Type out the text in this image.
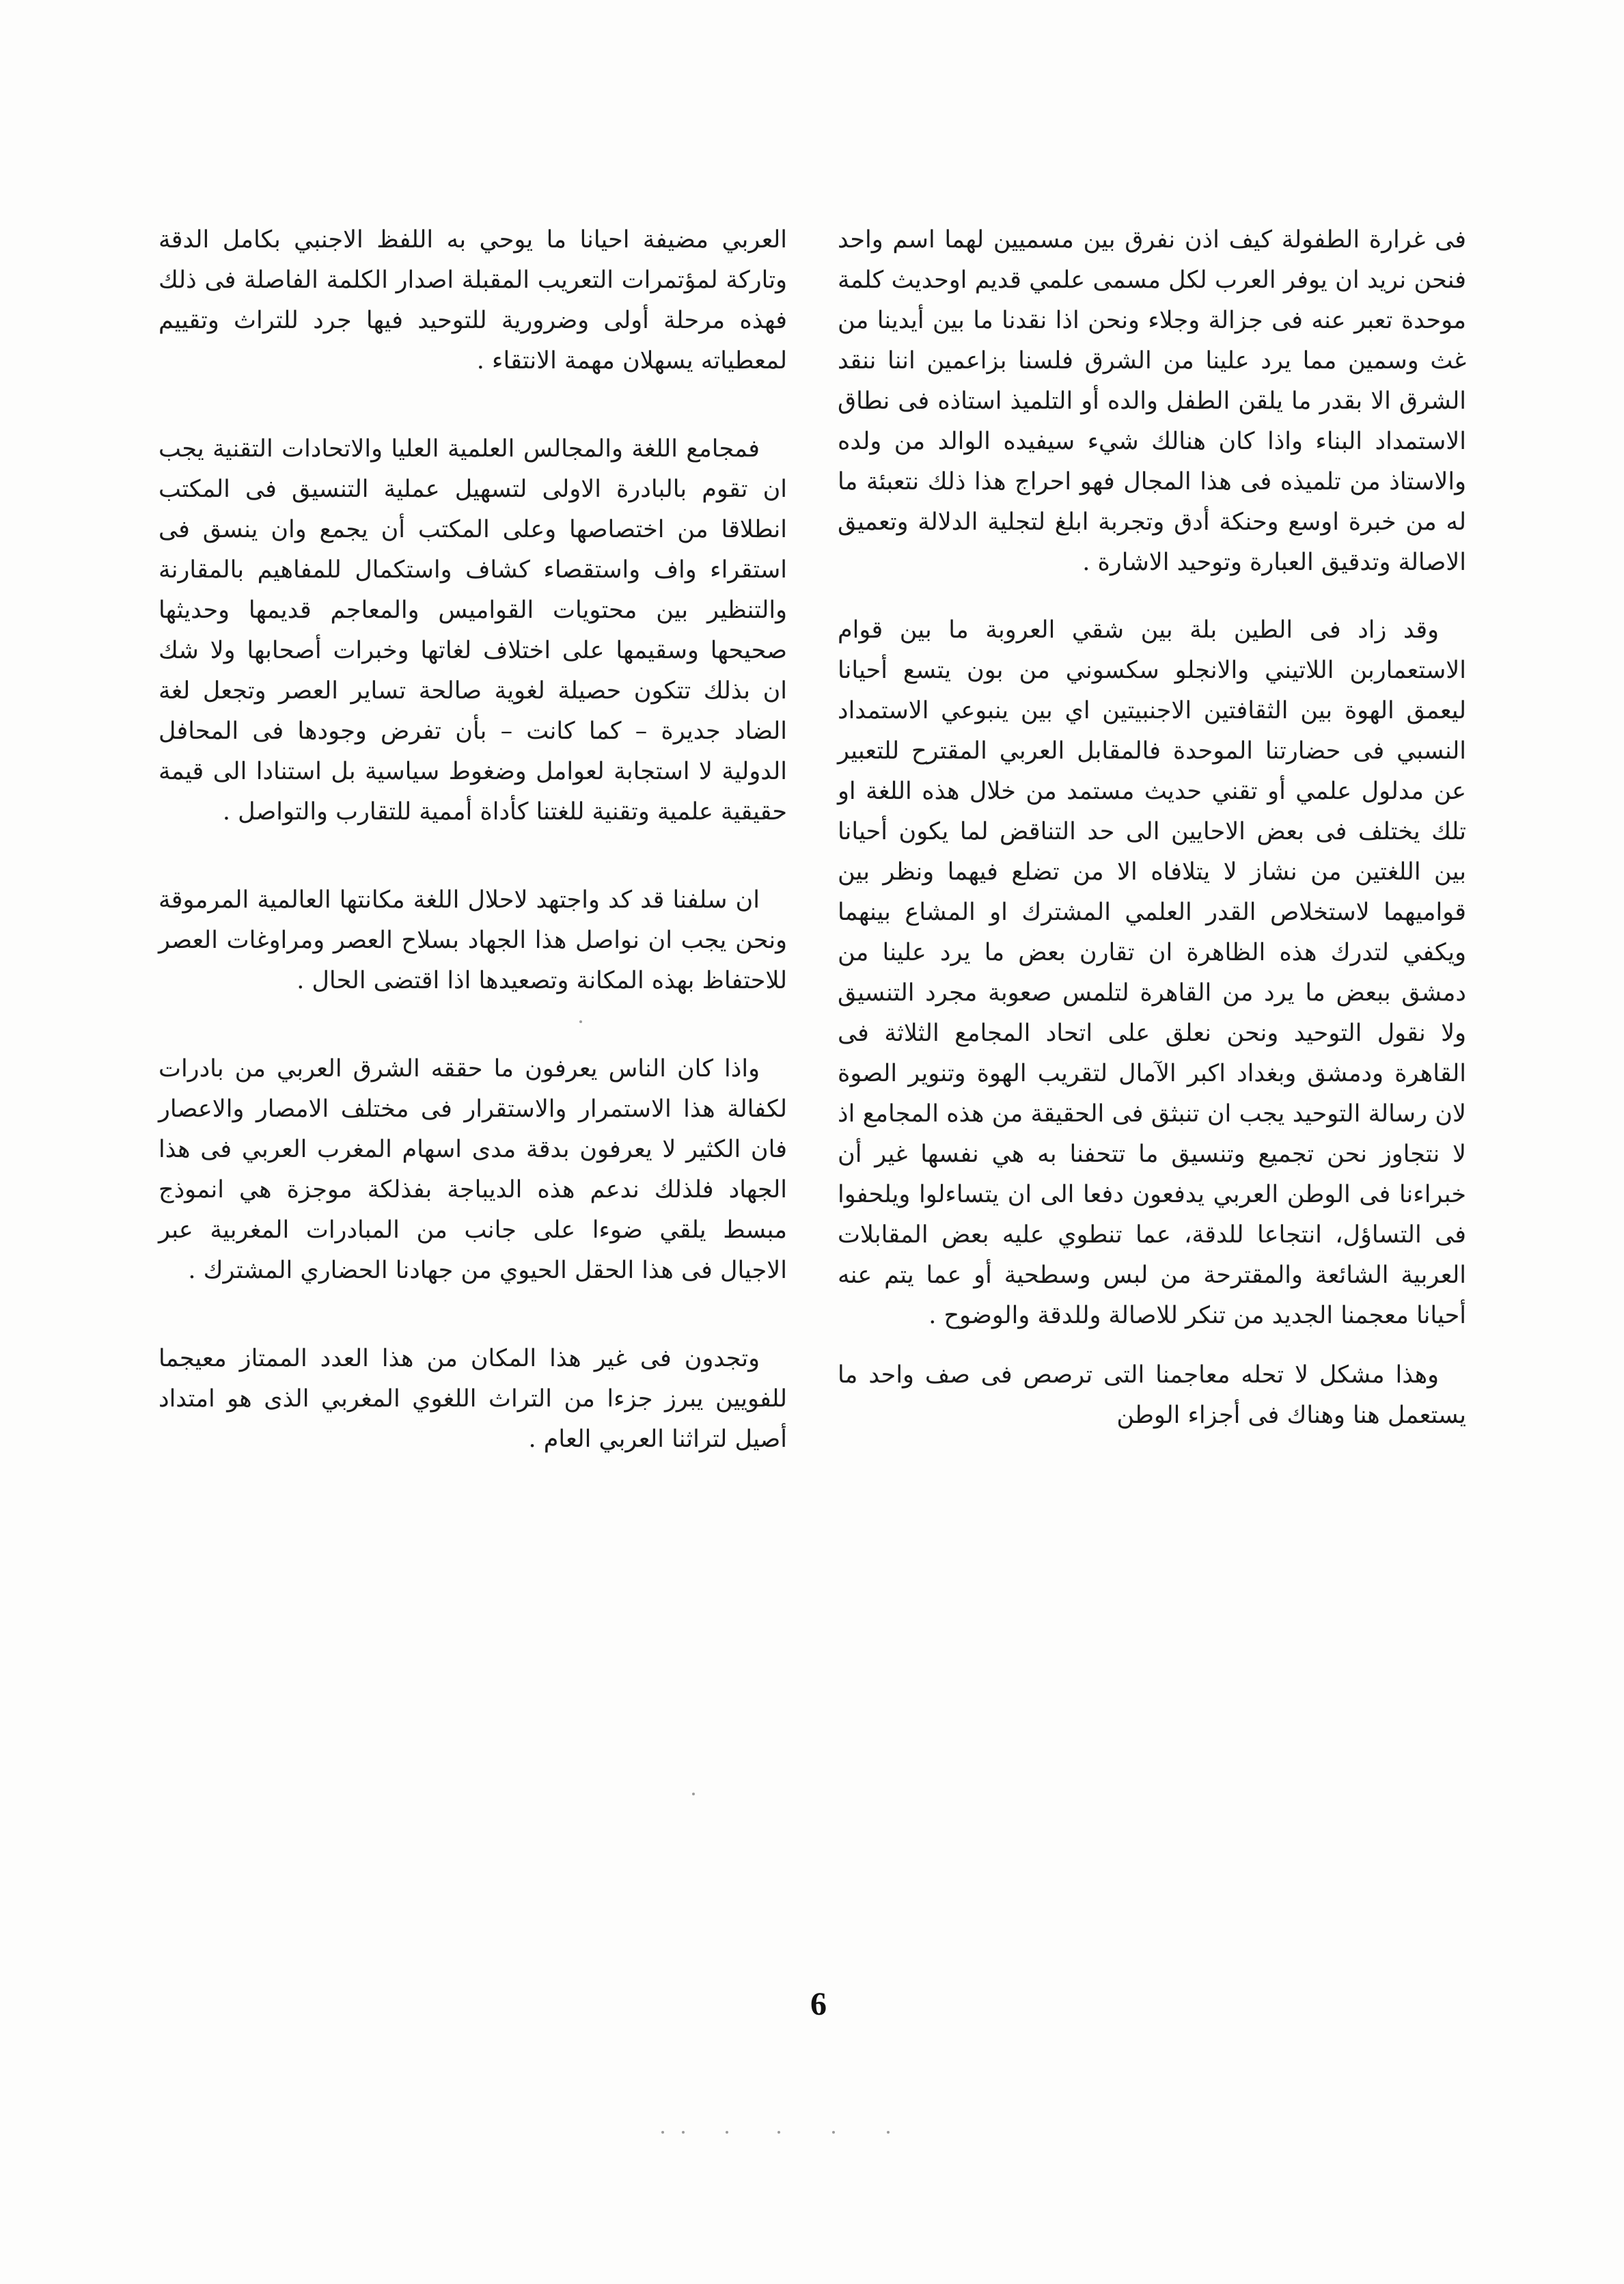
فى غرارة الطفولة كيف اذن نفرق بين مسميين لهما اسم واحد فنحن نريد ان يوفر العرب لكل مسمى علمي قديم اوحديث كلمة موحدة تعبر عنه فى جزالة وجلاء ونحن اذا نقدنا ما بين أيدينا من غث وسمين مما يرد علينا من الشرق فلسنا بزاعمين اننا ننقد الشرق الا بقدر ما يلقن الطفل والده أو التلميذ استاذه فى نطاق الاستمداد البناء واذا كان هنالك شيء سيفيده الوالد من ولده والاستاذ من تلميذه فى هذا المجال فهو احراج هذا ذلك نتعبئة ما له من خبرة اوسع وحنكة أدق وتجربة ابلغ لتجلية الدلالة وتعميق الاصالة وتدقيق العبارة وتوحيد الاشارة .

وقد زاد فى الطين بلة بين شقي العروبة ما بين قوام الاستعماربن اللاتيني والانجلو سكسوني من بون يتسع أحيانا ليعمق الهوة بين الثقافتين الاجنبيتين اي بين ينبوعي الاستمداد النسبي فى حضارتنا الموحدة فالمقابل العربي المقترح للتعبير عن مدلول علمي أو تقني حديث مستمد من خلال هذه اللغة او تلك يختلف فى بعض الاحايين الى حد التناقض لما يكون أحيانا بين اللغتين من نشاز لا يتلافاه الا من تضلع فيهما ونظر بين قواميهما لاستخلاص القدر العلمي المشترك او المشاع بينهما ويكفي لتدرك هذه الظاهرة ان تقارن بعض ما يرد علينا من دمشق ببعض ما يرد من القاهرة لتلمس صعوبة مجرد التنسيق ولا نقول التوحيد ونحن نعلق على اتحاد المجامع الثلاثة فى القاهرة ودمشق وبغداد اكبر الآمال لتقريب الهوة وتنوير الصوة لان رسالة التوحيد يجب ان تنبثق فى الحقيقة من هذه المجامع اذ لا نتجاوز نحن تجميع وتنسيق ما تتحفنا به هي نفسها غير أن خبراءنا فى الوطن العربي يدفعون دفعا الى ان يتساءلوا ويلحفوا فى التساؤل، انتجاعا للدقة، عما تنطوي عليه بعض المقابلات العربية الشائعة والمقترحة من لبس وسطحية أو عما يتم عنه أحيانا معجمنا الجديد من تنكر للاصالة وللدقة والوضوح .

وهذا مشكل لا تحله معاجمنا التى ترصص فى صف واحد ما يستعمل هنا وهناك فى أجزاء الوطن

العربي مضيفة احيانا ما يوحي به اللفظ الاجنبي بكامل الدقة وتاركة لمؤتمرات التعريب المقبلة اصدار الكلمة الفاصلة فى ذلك فهذه مرحلة أولى وضرورية للتوحيد فيها جرد للتراث وتقييم لمعطياته يسهلان مهمة الانتقاء .

فمجامع اللغة والمجالس العلمية العليا والاتحادات التقنية يجب ان تقوم بالبادرة الاولى لتسهيل عملية التنسيق فى المكتب انطلاقا من اختصاصها وعلى المكتب أن يجمع وان ينسق فى استقراء واف واستقصاء كشاف واستكمال للمفاهيم بالمقارنة والتنظير بين محتويات القواميس والمعاجم قديمها وحديثها صحيحها وسقيمها على اختلاف لغاتها وخبرات أصحابها ولا شك ان بذلك تتكون حصيلة لغوية صالحة تساير العصر وتجعل لغة الضاد جديرة – كما كانت – بأن تفرض وجودها فى المحافل الدولية لا استجابة لعوامل وضغوط سياسية بل استنادا الى قيمة حقيقية علمية وتقنية للغتنا كأداة أممية للتقارب والتواصل .

ان سلفنا قد كد واجتهد لاحلال اللغة مكانتها العالمية المرموقة ونحن يجب ان نواصل هذا الجهاد بسلاح العصر ومراوغات العصر للاحتفاظ بهذه المكانة وتصعيدها اذا اقتضى الحال .

واذا كان الناس يعرفون ما حققه الشرق العربي من بادرات لكفالة هذا الاستمرار والاستقرار فى مختلف الامصار والاعصار فان الكثير لا يعرفون بدقة مدى اسهام المغرب العربي فى هذا الجهاد فلذلك ندعم هذه الديباجة بفذلكة موجزة هي انموذج مبسط يلقي ضوءا على جانب من المبادرات المغربية عبر الاجيال فى هذا الحقل الحيوي من جهادنا الحضاري المشترك .

وتجدون فى غير هذا المكان من هذا العدد الممتاز معيجما للفويين يبرز جزءا من التراث اللغوي المغربي الذى هو امتداد أصيل لتراثنا العربي العام .

6
